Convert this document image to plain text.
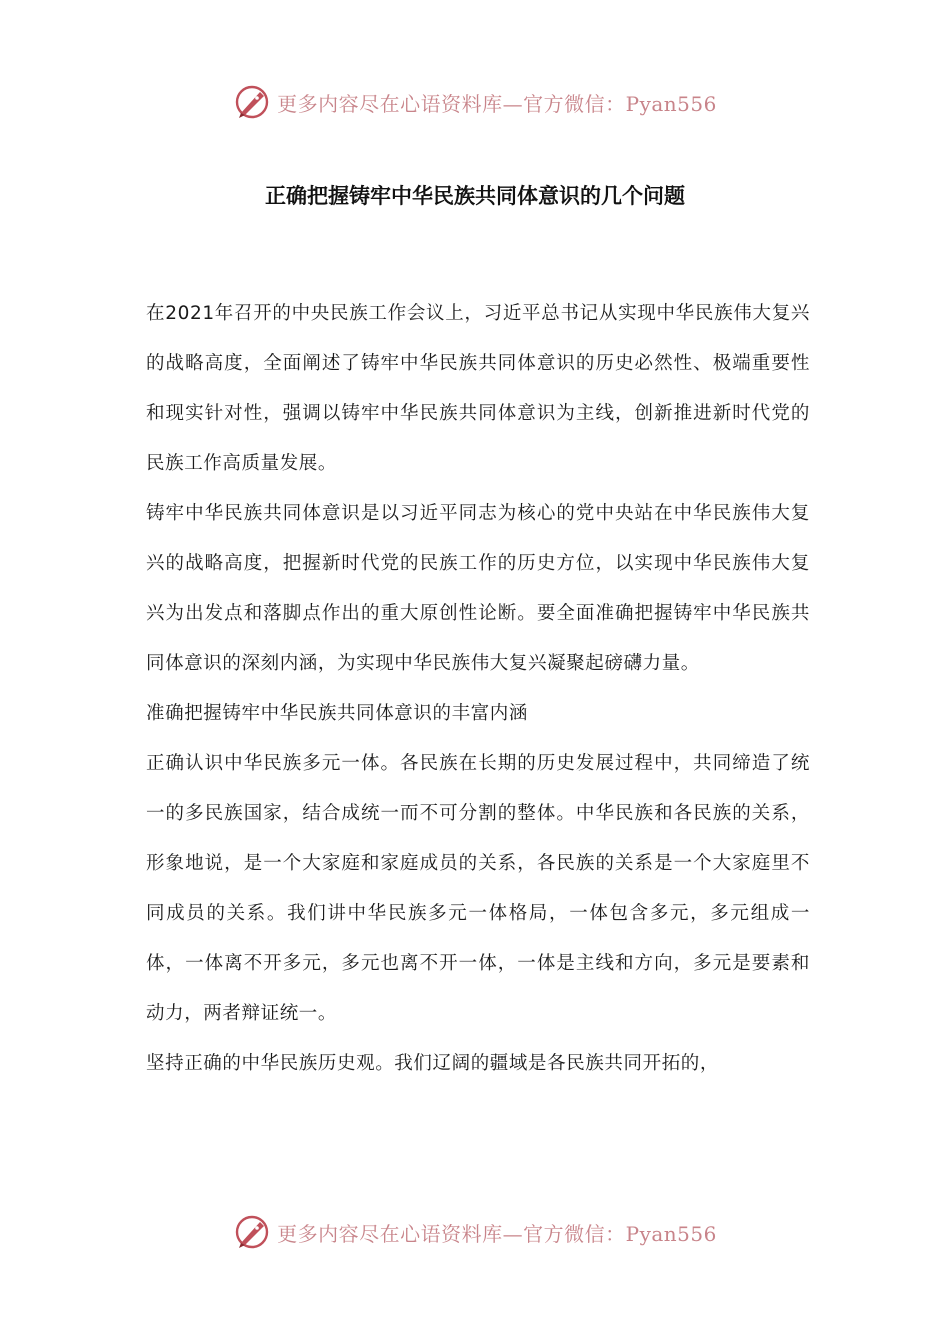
更多内容尽在心语资料库—官方微信：Pyan556
正确把握铸牢中华民族共同体意识的几个问题

在2021年召开的中央民族工作会议上，习近平总书记从实现中华民族伟大复兴的战略高度，全面阐述了铸牢中华民族共同体意识的历史必然性、极端重要性和现实针对性，强调以铸牢中华民族共同体意识为主线，创新推进新时代党的民族工作高质量发展。

铸牢中华民族共同体意识是以习近平同志为核心的党中央站在中华民族伟大复兴的战略高度，把握新时代党的民族工作的历史方位，以实现中华民族伟大复兴为出发点和落脚点作出的重大原创性论断。要全面准确把握铸牢中华民族共同体意识的深刻内涵，为实现中华民族伟大复兴凝聚起磅礴力量。

准确把握铸牢中华民族共同体意识的丰富内涵

正确认识中华民族多元一体。各民族在长期的历史发展过程中，共同缔造了统一的多民族国家，结合成统一而不可分割的整体。中华民族和各民族的关系，形象地说，是一个大家庭和家庭成员的关系，各民族的关系是一个大家庭里不同成员的关系。我们讲中华民族多元一体格局，一体包含多元，多元组成一体，一体离不开多元，多元也离不开一体，一体是主线和方向，多元是要素和动力，两者辩证统一。

坚持正确的中华民族历史观。我们辽阔的疆域是各民族共同开拓的，

更多内容尽在心语资料库—官方微信：Pyan556
